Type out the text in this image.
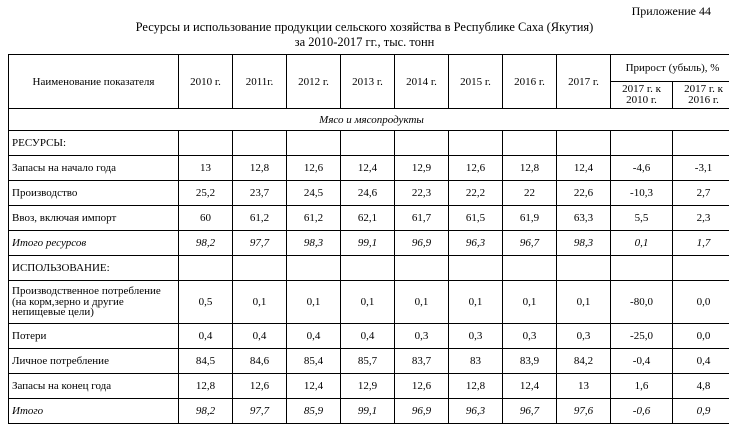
Приложение 44
Ресурсы и использование продукции сельского хозяйства в Республике Саха (Якутия)
за 2010-2017 гг., тыс. тонн
Наименование показателя	2010 г.	2011г.	2012 г.	2013 г.	2014 г.	2015 г.	2016 г.	2017 г.	Прирост (убыль), %	
									2017 г. к 2010 г.	2017 г. к 2016 г.
Мясо и мясопродукты										
РЕСУРСЫ:										
Запасы на начало года	13	12,8	12,6	12,4	12,9	12,6	12,8	12,4	-4,6	-3,1
Производство	25,2	23,7	24,5	24,6	22,3	22,2	22	22,6	-10,3	2,7
Ввоз, включая импорт	60	61,2	61,2	62,1	61,7	61,5	61,9	63,3	5,5	2,3
Итого ресурсов	98,2	97,7	98,3	99,1	96,9	96,3	96,7	98,3	0,1	1,7
ИСПОЛЬЗОВАНИЕ:										
Производственное потребление (на корм,зерно и другие непищевые цели)	0,5	0,1	0,1	0,1	0,1	0,1	0,1	0,1	-80,0	0,0
Потери	0,4	0,4	0,4	0,4	0,3	0,3	0,3	0,3	-25,0	0,0
Личное потребление	84,5	84,6	85,4	85,7	83,7	83	83,9	84,2	-0,4	0,4
Запасы на конец года	12,8	12,6	12,4	12,9	12,6	12,8	12,4	13	1,6	4,8
Итого	98,2	97,7	85,9	99,1	96,9	96,3	96,7	97,6	-0,6	0,9
